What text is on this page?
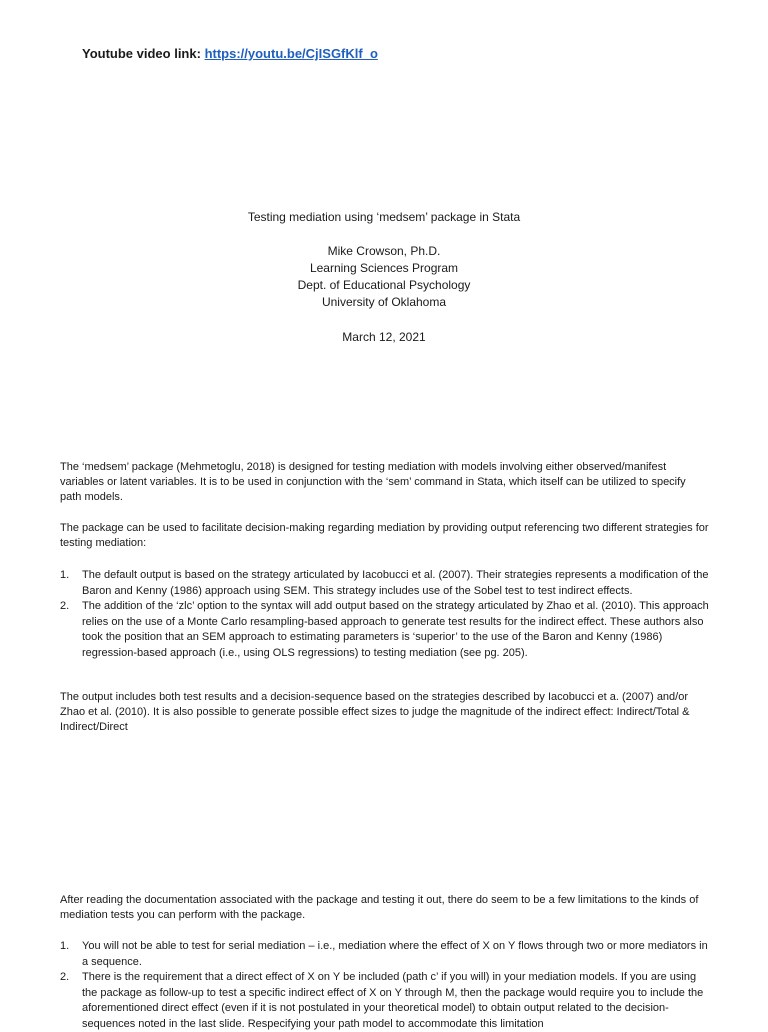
Youtube video link: https://youtu.be/CjISGfKlf_o
Testing mediation using ‘medsem’ package in Stata
Mike Crowson, Ph.D.
Learning Sciences Program
Dept. of Educational Psychology
University of Oklahoma
March 12, 2021

The ‘medsem’ package (Mehmetoglu, 2018) is designed for testing mediation with models involving either observed/manifest variables or latent variables. It is to be used in conjunction with the ‘sem’ command in Stata, which itself can be utilized to specify path models.

The package can be used to facilitate decision-making regarding mediation by providing output referencing two different strategies for testing mediation:

1. The default output is based on the strategy articulated by Iacobucci et al. (2007). Their strategies represents a modification of the Baron and Kenny (1986) approach using SEM. This strategy includes use of the Sobel test to test indirect effects.
2. The addition of the ‘zlc’ option to the syntax will add output based on the strategy articulated by Zhao et al. (2010). This approach relies on the use of a Monte Carlo resampling-based approach to generate test results for the indirect effect. These authors also took the position that an SEM approach to estimating parameters is ‘superior’ to the use of the Baron and Kenny (1986) regression-based approach (i.e., using OLS regressions) to testing mediation (see pg. 205).

The output includes both test results and a decision-sequence based on the strategies described by Iacobucci et a. (2007) and/or Zhao et al. (2010). It is also possible to generate possible effect sizes to judge the magnitude of the indirect effect: Indirect/Total & Indirect/Direct

After reading the documentation associated with the package and testing it out, there do seem to be a few limitations to the kinds of mediation tests you can perform with the package.

1. You will not be able to test for serial mediation – i.e., mediation where the effect of X on Y flows through two or more mediators in a sequence.
2. There is the requirement that a direct effect of X on Y be included (path c’ if you will) in your mediation models. If you are using the package as follow-up to test a specific indirect effect of X on Y through M, then the package would require you to include the aforementioned direct effect (even if it is not postulated in your theoretical model) to obtain output related to the decision-sequences noted in the last slide. Respecifying your path model to accommodate this limitation
